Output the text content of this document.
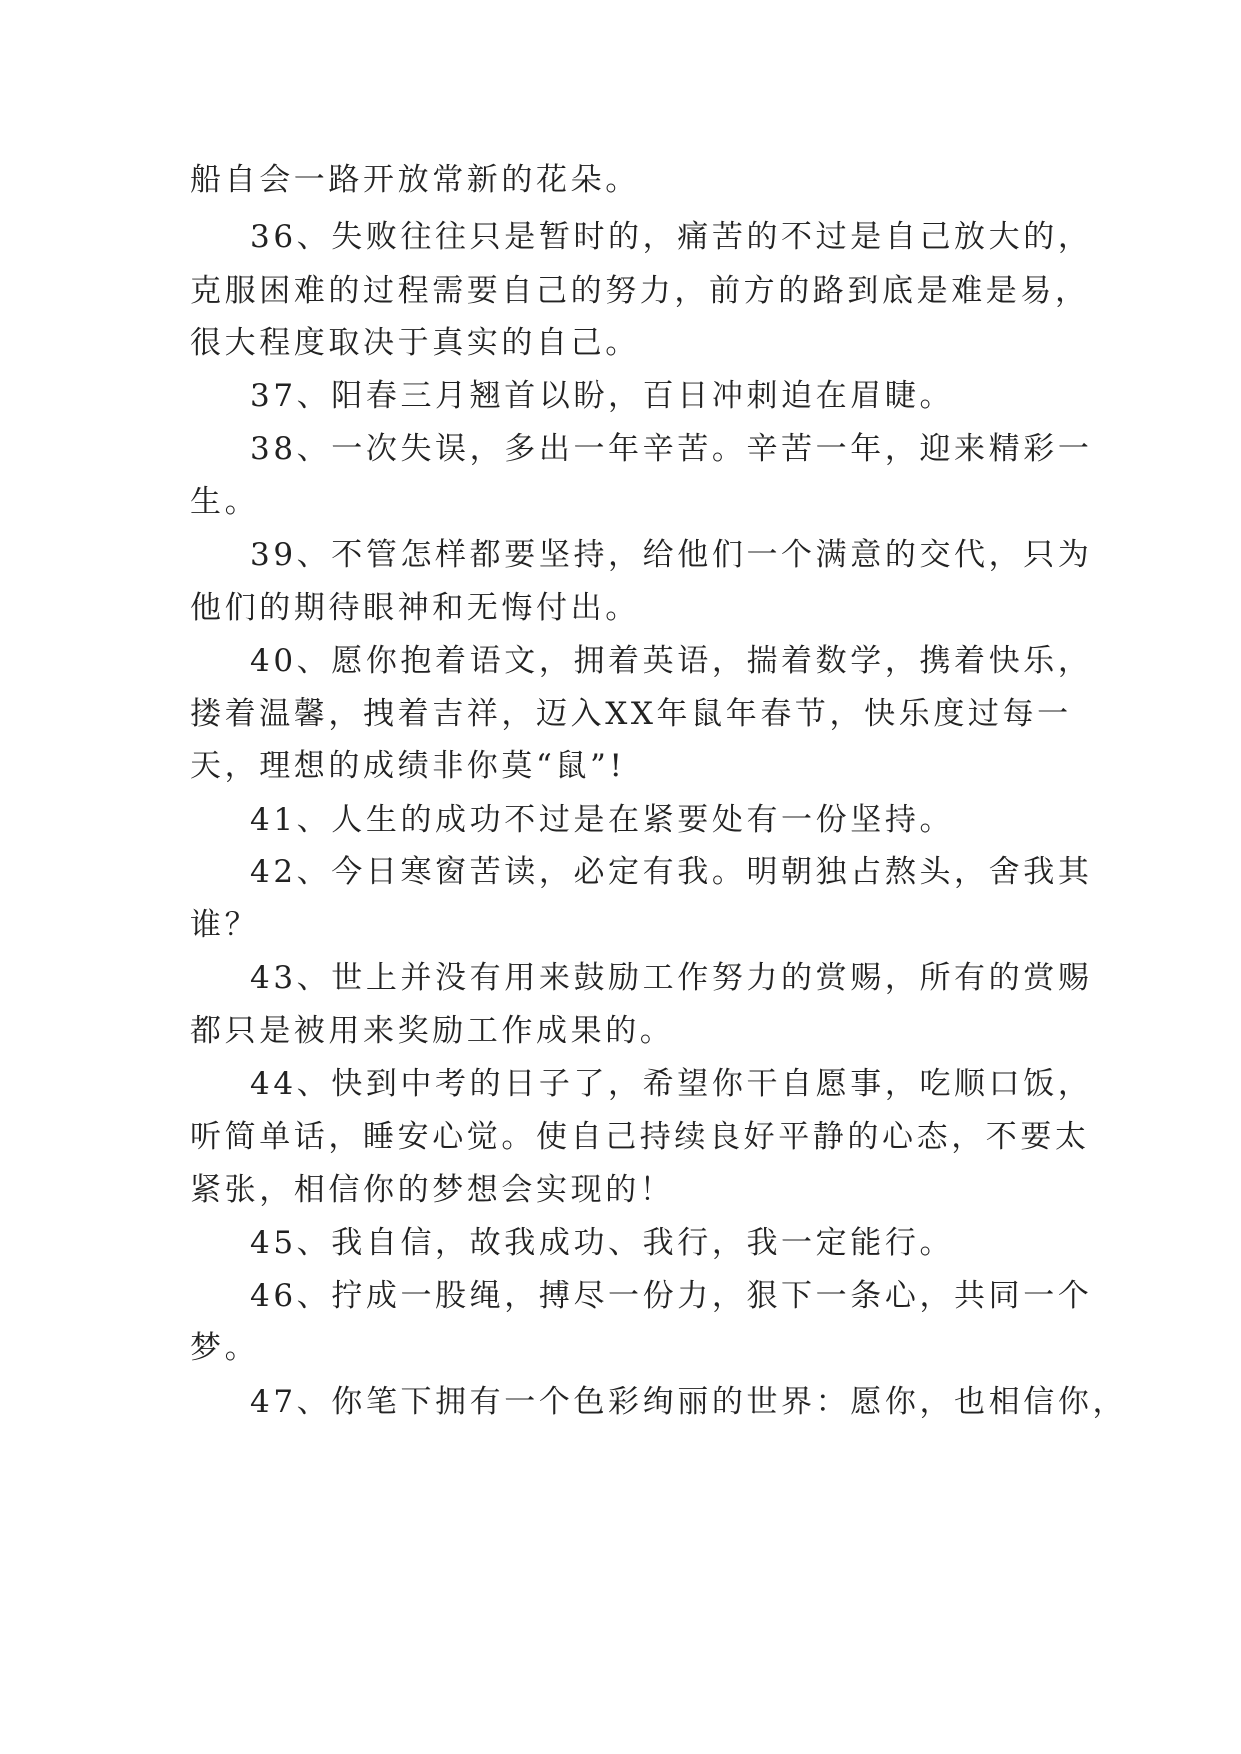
船自会一路开放常新的花朵。
36、失败往往只是暂时的，痛苦的不过是自己放大的，
克服困难的过程需要自己的努力，前方的路到底是难是易，
很大程度取决于真实的自己。
37、阳春三月翘首以盼，百日冲刺迫在眉睫。
38、一次失误，多出一年辛苦。辛苦一年，迎来精彩一
生。
39、不管怎样都要坚持，给他们一个满意的交代，只为
他们的期待眼神和无悔付出。
40、愿你抱着语文，拥着英语，揣着数学，携着快乐，
搂着温馨，拽着吉祥，迈入XX年鼠年春节，快乐度过每一
天，理想的成绩非你莫“鼠”!
41、人生的成功不过是在紧要处有一份坚持。
42、今日寒窗苦读，必定有我。明朝独占熬头，舍我其
谁？
43、世上并没有用来鼓励工作努力的赏赐，所有的赏赐
都只是被用来奖励工作成果的。
44、快到中考的日子了，希望你干自愿事，吃顺口饭，
听简单话，睡安心觉。使自己持续良好平静的心态，不要太
紧张，相信你的梦想会实现的！
45、我自信，故我成功、我行，我一定能行。
46、拧成一股绳，搏尽一份力，狠下一条心，共同一个
梦。
47、你笔下拥有一个色彩绚丽的世界：愿你，也相信你，
